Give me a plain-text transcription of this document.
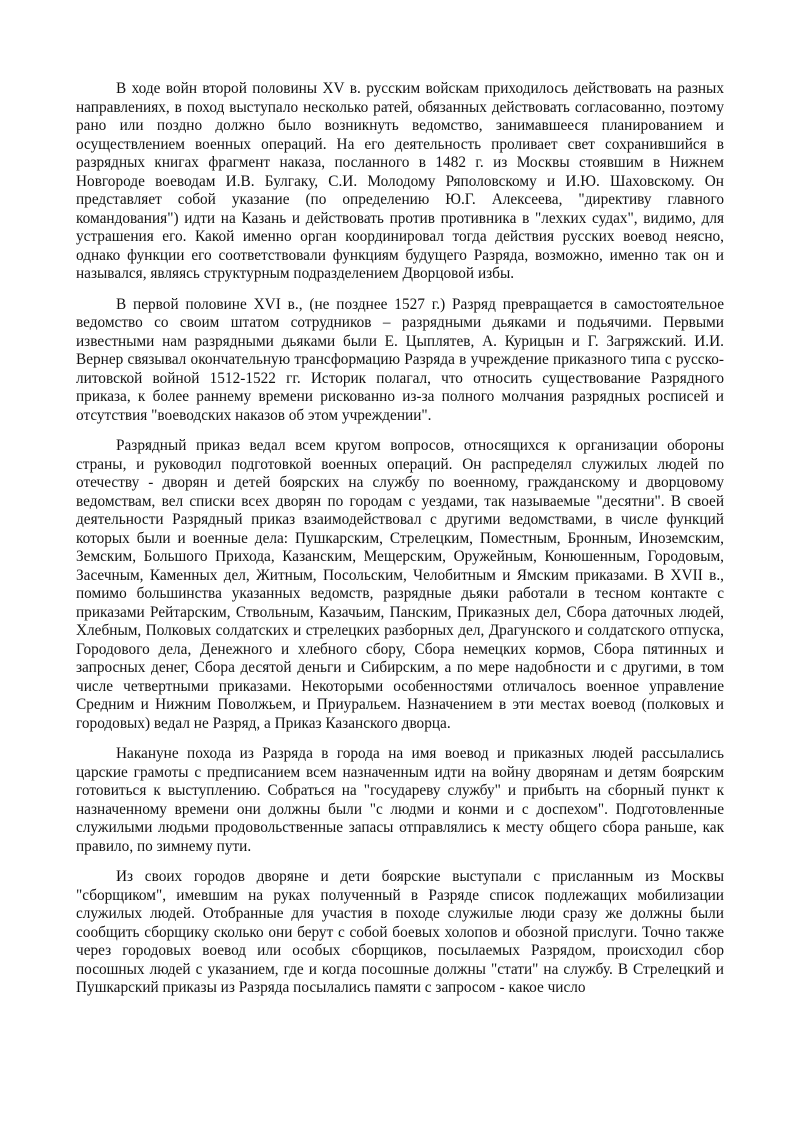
В ходе войн второй половины XV в. русским войскам приходилось действовать на разных направлениях, в поход выступало несколько ратей, обязанных действовать согласованно, поэтому рано или поздно должно было возникнуть ведомство, занимавшееся планированием и осуществлением военных операций. На его деятельность проливает свет сохранившийся в разрядных книгах фрагмент наказа, посланного в 1482 г. из Москвы стоявшим в Нижнем Новгороде воеводам И.В. Булгаку, С.И. Молодому Ряполовскому и И.Ю. Шаховскому. Он представляет собой указание (по определению Ю.Г. Алексеева, "директиву главного командования") идти на Казань и действовать против противника в "лехких судах", видимо, для устрашения его. Какой именно орган координировал тогда действия русских воевод неясно, однако функции его соответствовали функциям будущего Разряда, возможно, именно так он и назывался, являясь структурным подразделением Дворцовой избы.

В первой половине XVI в., (не позднее 1527 г.) Разряд превращается в самостоятельное ведомство со своим штатом сотрудников – разрядными дьяками и подьячими. Первыми известными нам разрядными дьяками были Е. Цыплятев, А. Курицын и Г. Загряжский. И.И. Вернер связывал окончательную трансформацию Разряда в учреждение приказного типа с русско-литовской войной 1512-1522 гг. Историк полагал, что относить существование Разрядного приказа, к более раннему времени рискованно из-за полного молчания разрядных росписей и отсутствия "воеводских наказов об этом учреждении".

Разрядный приказ ведал всем кругом вопросов, относящихся к организации обороны страны, и руководил подготовкой военных операций. Он распределял служилых людей по отечеству - дворян и детей боярских на службу по военному, гражданскому и дворцовому ведомствам, вел списки всех дворян по городам с уездами, так называемые "десятни". В своей деятельности Разрядный приказ взаимодействовал с другими ведомствами, в числе функций которых были и военные дела: Пушкарским, Стрелецким, Поместным, Бронным, Иноземским, Земским, Большого Прихода, Казанским, Мещерским, Оружейным, Конюшенным, Городовым, Засечным, Каменных дел, Житным, Посольским, Челобитным и Ямским приказами. В XVII в., помимо большинства указанных ведомств, разрядные дьяки работали в тесном контакте с приказами Рейтарским, Ствольным, Казачьим, Панским, Приказных дел, Сбора даточных людей, Хлебным, Полковых солдатских и стрелецких разборных дел, Драгунского и солдатского отпуска, Городового дела, Денежного и хлебного сбору, Сбора немецких кормов, Сбора пятинных и запросных денег, Сбора десятой деньги и Сибирским, а по мере надобности и с другими, в том числе четвертными приказами. Некоторыми особенностями отличалось военное управление Средним и Нижним Поволжьем, и Приуральем. Назначением в эти местах воевод (полковых и городовых) ведал не Разряд, а Приказ Казанского дворца.

Накануне похода из Разряда в города на имя воевод и приказных людей рассылались царские грамоты с предписанием всем назначенным идти на войну дворянам и детям боярским готовиться к выступлению. Собраться на "государеву службу" и прибыть на сборный пункт к назначенному времени они должны были "с людми и конми и с доспехом". Подготовленные служилыми людьми продовольственные запасы отправлялись к месту общего сбора раньше, как правило, по зимнему пути.

Из своих городов дворяне и дети боярские выступали с присланным из Москвы "сборщиком", имевшим на руках полученный в Разряде список подлежащих мобилизации служилых людей. Отобранные для участия в походе служилые люди сразу же должны были сообщить сборщику сколько они берут с собой боевых холопов и обозной прислуги. Точно также через городовых воевод или особых сборщиков, посылаемых Разрядом, происходил сбор посошных людей с указанием, где и когда посошные должны "стати" на службу. В Стрелецкий и Пушкарский приказы из Разряда посылались памяти с запросом - какое число
